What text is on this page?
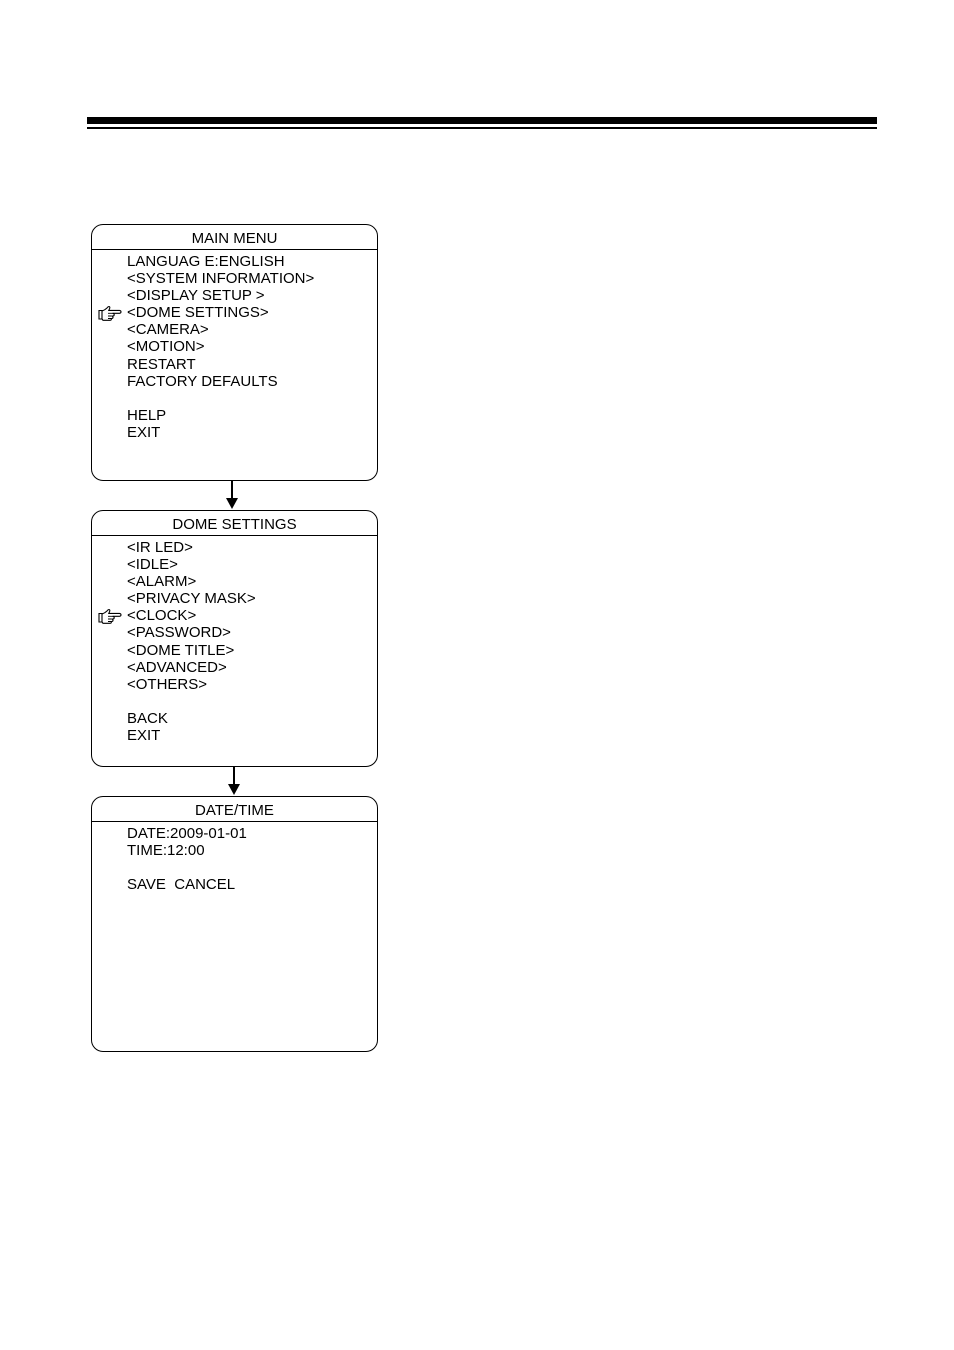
MAIN MENU
LANGUAG E:ENGLISH
<SYSTEM INFORMATION>
<DISPLAY SETUP >
<DOME SETTINGS>
<CAMERA>
<MOTION>
RESTART
FACTORY DEFAULTS
HELP
EXIT
DOME SETTINGS
<IR LED>
<IDLE>
<ALARM>
<PRIVACY MASK>
<CLOCK>
<PASSWORD>
<DOME TITLE>
<ADVANCED>
<OTHERS>
BACK
EXIT
DATE/TIME
DATE:2009-01-01
TIME:12:00
SAVE  CANCEL
